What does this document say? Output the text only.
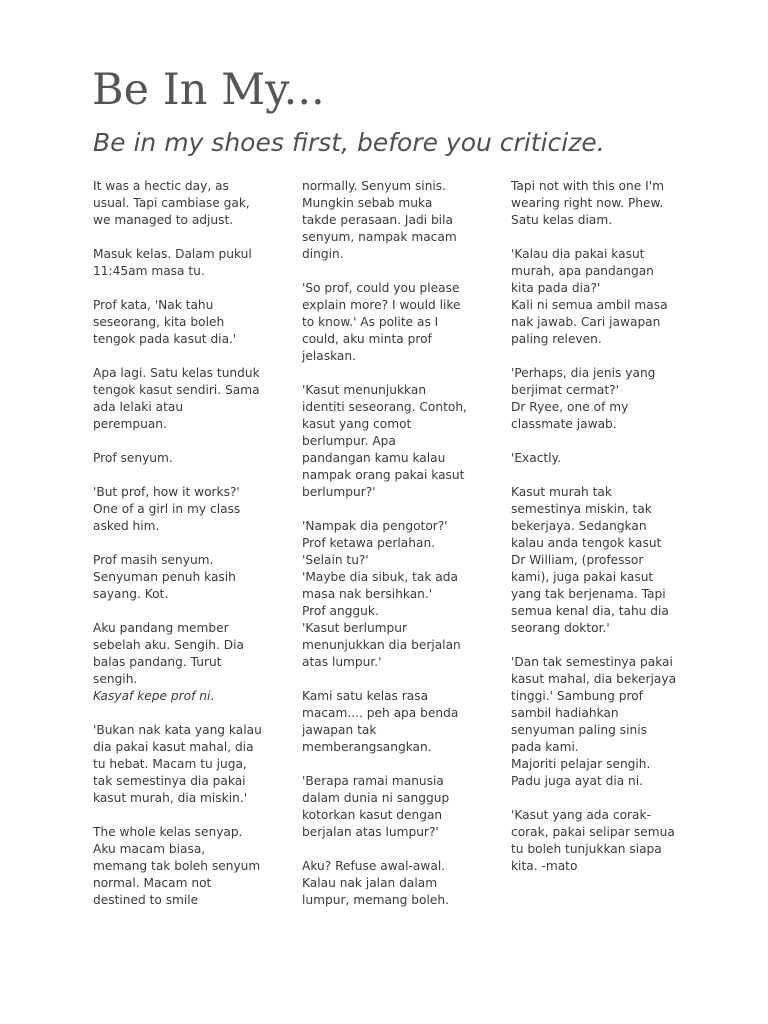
Be In My...
Be in my shoes first, before you criticize.

It was a hectic day, as
usual. Tapi cambiase gak,
we managed to adjust.

Masuk kelas. Dalam pukul
11:45am masa tu.

Prof kata, 'Nak tahu
seseorang, kita boleh
tengok pada kasut dia.'

Apa lagi. Satu kelas tunduk
tengok kasut sendiri. Sama
ada lelaki atau
perempuan.

Prof senyum.

'But prof, how it works?'
One of a girl in my class
asked him.

Prof masih senyum.
Senyuman penuh kasih
sayang. Kot.

Aku pandang member
sebelah aku. Sengih. Dia
balas pandang. Turut
sengih.

Kasyaf kepe prof ni.

'Bukan nak kata yang kalau
dia pakai kasut mahal, dia
tu hebat. Macam tu juga,
tak semestinya dia pakai
kasut murah, dia miskin.'

The whole kelas senyap.
Aku macam biasa,
memang tak boleh senyum
normal. Macam not
destined to smile

normally. Senyum sinis.
Mungkin sebab muka
takde perasaan. Jadi bila
senyum, nampak macam
dingin.

'So prof, could you please
explain more? I would like
to know.' As polite as I
could, aku minta prof
jelaskan.

'Kasut menunjukkan
identiti seseorang. Contoh,
kasut yang comot
berlumpur. Apa
pandangan kamu kalau
nampak orang pakai kasut
berlumpur?'

'Nampak dia pengotor?'
Prof ketawa perlahan.
'Selain tu?'
'Maybe dia sibuk, tak ada
masa nak bersihkan.'
Prof angguk.
'Kasut berlumpur
menunjukkan dia berjalan
atas lumpur.'

Kami satu kelas rasa
macam.... peh apa benda
jawapan tak
memberangsangkan.

'Berapa ramai manusia
dalam dunia ni sanggup
kotorkan kasut dengan
berjalan atas lumpur?'

Aku? Refuse awal-awal.
Kalau nak jalan dalam
lumpur, memang boleh.

Tapi not with this one I'm
wearing right now. Phew.
Satu kelas diam.

'Kalau dia pakai kasut
murah, apa pandangan
kita pada dia?'
Kali ni semua ambil masa
nak jawab. Cari jawapan
paling releven.

'Perhaps, dia jenis yang
berjimat cermat?'
Dr Ryee, one of my
classmate jawab.

'Exactly.

Kasut murah tak
semestinya miskin, tak
bekerjaya. Sedangkan
kalau anda tengok kasut
Dr William, (professor
kami), juga pakai kasut
yang tak berjenama. Tapi
semua kenal dia, tahu dia
seorang doktor.'

'Dan tak semestinya pakai
kasut mahal, dia bekerjaya
tinggi.' Sambung prof
sambil hadiahkan
senyuman paling sinis
pada kami.
Majoriti pelajar sengih.
Padu juga ayat dia ni.

'Kasut yang ada corak-
corak, pakai selipar semua
tu boleh tunjukkan siapa
kita. -mato
